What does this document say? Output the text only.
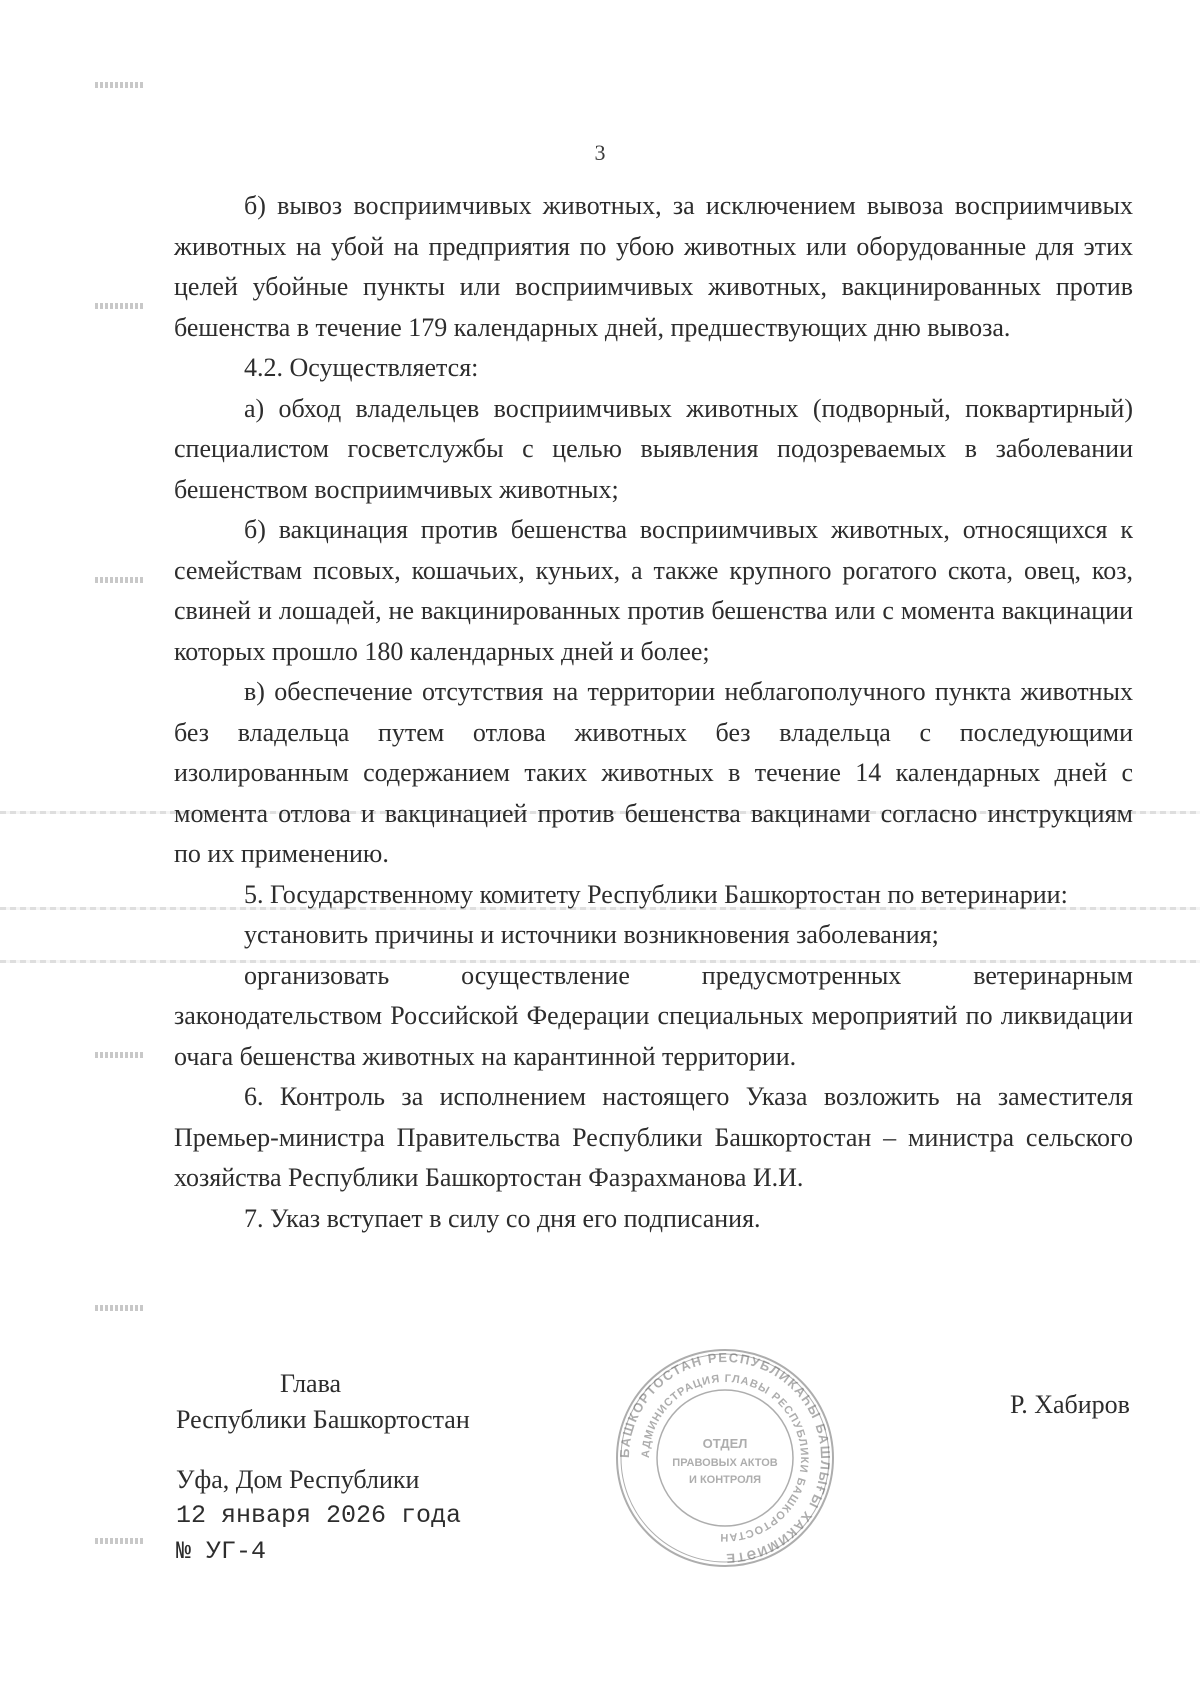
3

б) вывоз восприимчивых животных, за исключением вывоза восприимчивых животных на убой на предприятия по убою животных или оборудованные для этих целей убойные пункты или восприимчивых животных, вакцинированных против бешенства в течение 179 календарных дней, предшествующих дню вывоза.

4.2. Осуществляется:

а) обход владельцев восприимчивых животных (подворный, поквартирный) специалистом госветслужбы с целью выявления подозреваемых в заболевании бешенством восприимчивых животных;

б) вакцинация против бешенства восприимчивых животных, относящихся к семействам псовых, кошачьих, куньих, а также крупного рогатого скота, овец, коз, свиней и лошадей, не вакцинированных против бешенства или с момента вакцинации которых прошло 180 календарных дней и более;

в) обеспечение отсутствия на территории неблагополучного пункта животных без владельца путем отлова животных без владельца с последующими изолированным содержанием таких животных в течение 14 календарных дней с момента отлова и вакцинацией против бешенства вакцинами согласно инструкциям по их применению.

5. Государственному комитету Республики Башкортостан по ветеринарии:

установить причины и источники возникновения заболевания;

организовать осуществление предусмотренных ветеринарным законодательством Российской Федерации специальных мероприятий по ликвидации очага бешенства животных на карантинной территории.

6. Контроль за исполнением настоящего Указа возложить на заместителя Премьер-министра Правительства Республики Башкортостан – министра сельского хозяйства Республики Башкортостан Фазрахманова И.И.

7. Указ вступает в силу со дня его подписания.

Глава
Республики Башкортостан
Р. Хабиров
БАШКОРТОСТАН РЕСПУБЛИКАҺЫ БАШЛЫҒЫ ХАКИМИӘТЕ
АДМИНИСТРАЦИЯ ГЛАВЫ РЕСПУБЛИКИ БАШКОРТОСТАН
ОТДЕЛ
ПРАВОВЫХ АКТОВ
И КОНТРОЛЯ
Уфа, Дом Республики
12 января 2026 года
№ УГ-4
